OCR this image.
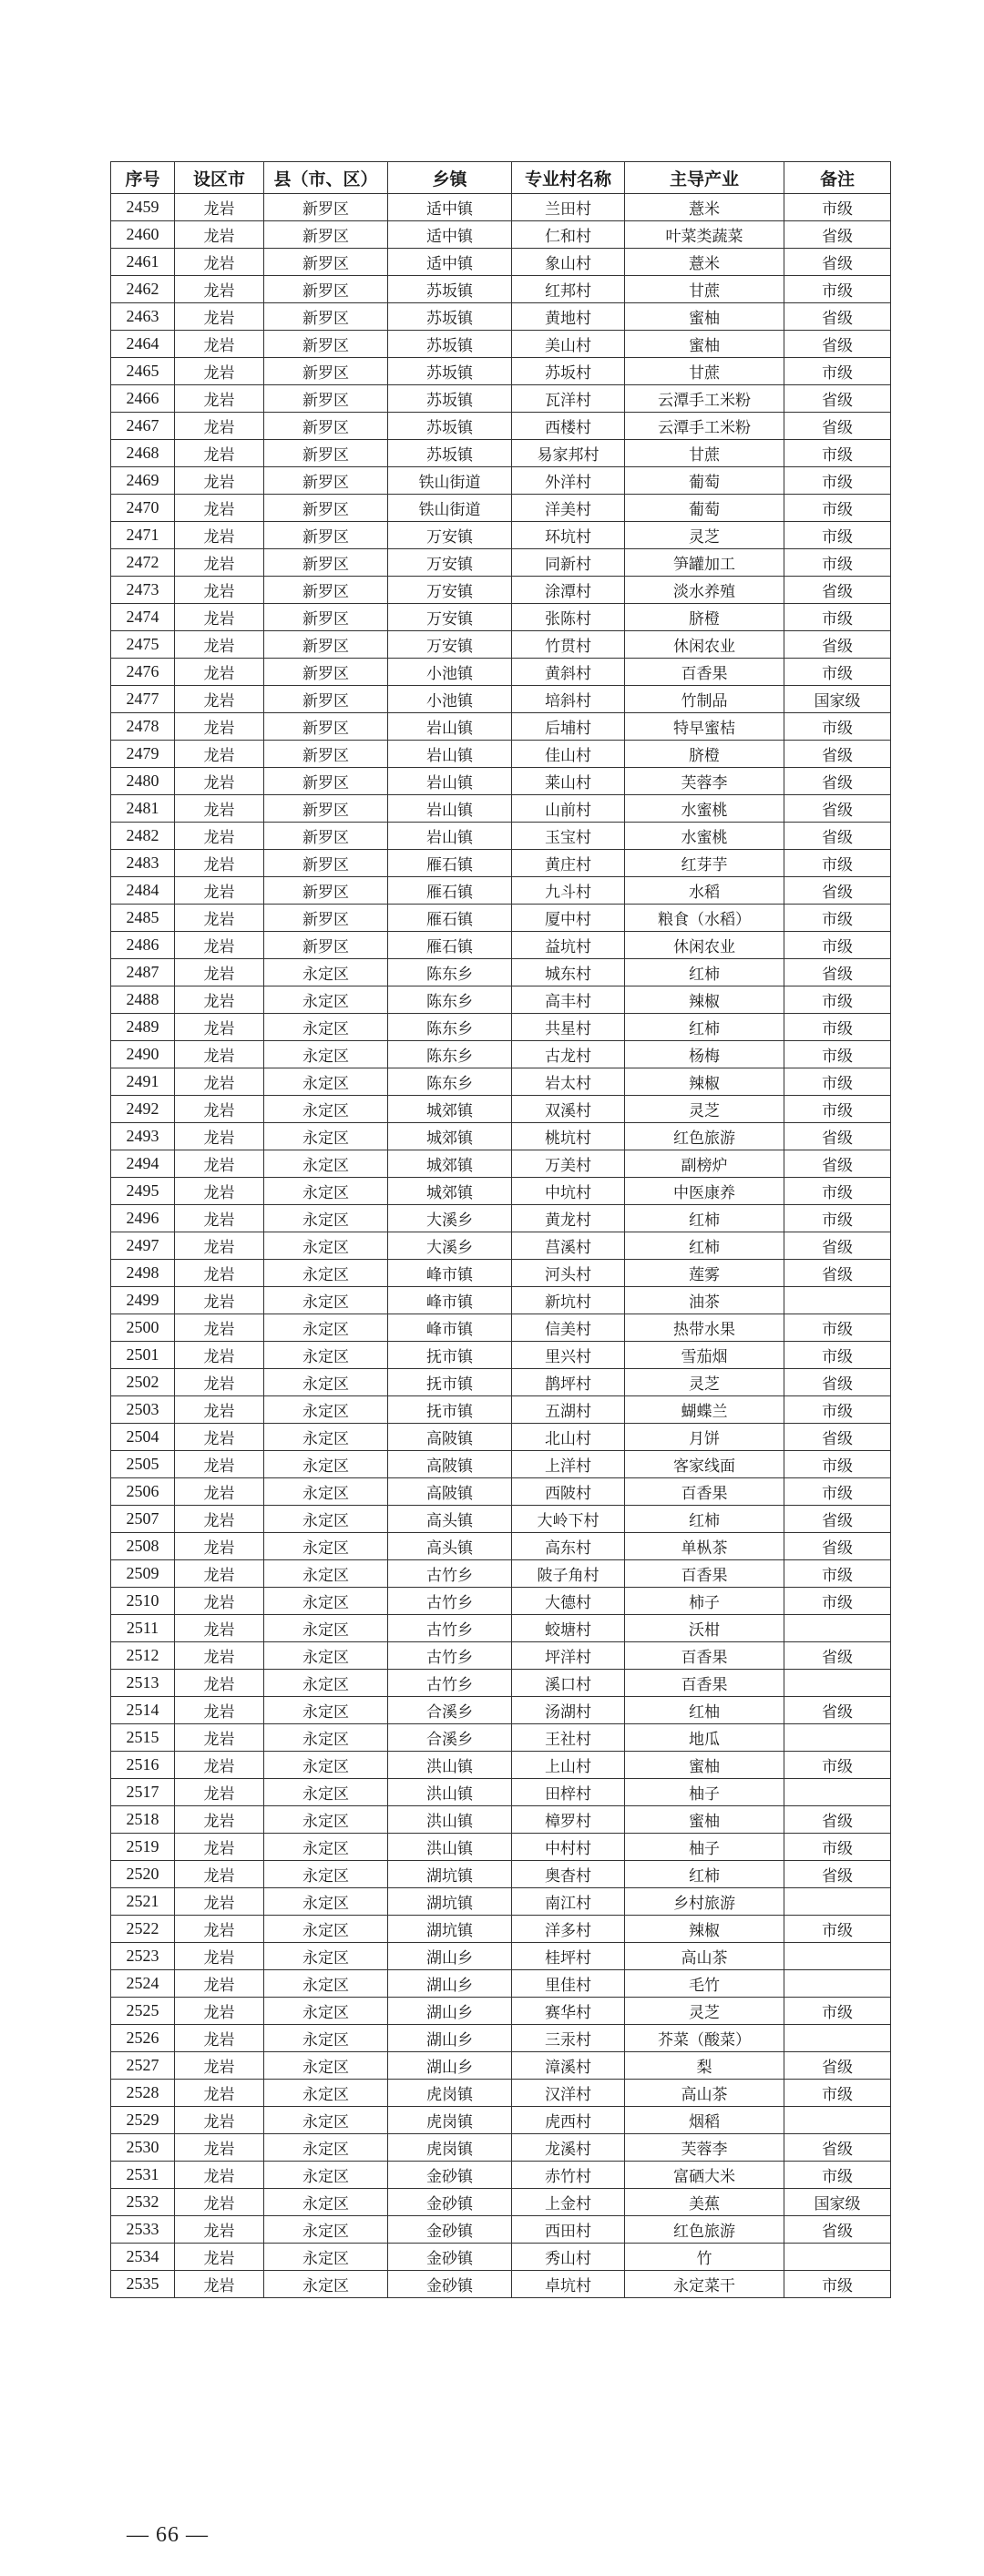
序号	设区市	县（市、区）	乡镇	专业村名称	主导产业	备注
2459	龙岩	新罗区	适中镇	兰田村	薏米	市级
2460	龙岩	新罗区	适中镇	仁和村	叶菜类蔬菜	省级
2461	龙岩	新罗区	适中镇	象山村	薏米	省级
2462	龙岩	新罗区	苏坂镇	红邦村	甘蔗	市级
2463	龙岩	新罗区	苏坂镇	黄地村	蜜柚	省级
2464	龙岩	新罗区	苏坂镇	美山村	蜜柚	省级
2465	龙岩	新罗区	苏坂镇	苏坂村	甘蔗	市级
2466	龙岩	新罗区	苏坂镇	瓦洋村	云潭手工米粉	省级
2467	龙岩	新罗区	苏坂镇	西楼村	云潭手工米粉	省级
2468	龙岩	新罗区	苏坂镇	易家邦村	甘蔗	市级
2469	龙岩	新罗区	铁山街道	外洋村	葡萄	市级
2470	龙岩	新罗区	铁山街道	洋美村	葡萄	市级
2471	龙岩	新罗区	万安镇	环坑村	灵芝	市级
2472	龙岩	新罗区	万安镇	同新村	笋罐加工	市级
2473	龙岩	新罗区	万安镇	涂潭村	淡水养殖	省级
2474	龙岩	新罗区	万安镇	张陈村	脐橙	市级
2475	龙岩	新罗区	万安镇	竹贯村	休闲农业	省级
2476	龙岩	新罗区	小池镇	黄斜村	百香果	市级
2477	龙岩	新罗区	小池镇	培斜村	竹制品	国家级
2478	龙岩	新罗区	岩山镇	后埔村	特早蜜桔	市级
2479	龙岩	新罗区	岩山镇	佳山村	脐橙	省级
2480	龙岩	新罗区	岩山镇	莱山村	芙蓉李	省级
2481	龙岩	新罗区	岩山镇	山前村	水蜜桃	省级
2482	龙岩	新罗区	岩山镇	玉宝村	水蜜桃	省级
2483	龙岩	新罗区	雁石镇	黄庄村	红芽芋	市级
2484	龙岩	新罗区	雁石镇	九斗村	水稻	省级
2485	龙岩	新罗区	雁石镇	厦中村	粮食（水稻）	市级
2486	龙岩	新罗区	雁石镇	益坑村	休闲农业	市级
2487	龙岩	永定区	陈东乡	城东村	红柿	省级
2488	龙岩	永定区	陈东乡	高丰村	辣椒	市级
2489	龙岩	永定区	陈东乡	共星村	红柿	市级
2490	龙岩	永定区	陈东乡	古龙村	杨梅	市级
2491	龙岩	永定区	陈东乡	岩太村	辣椒	市级
2492	龙岩	永定区	城郊镇	双溪村	灵芝	市级
2493	龙岩	永定区	城郊镇	桃坑村	红色旅游	省级
2494	龙岩	永定区	城郊镇	万美村	副榜炉	省级
2495	龙岩	永定区	城郊镇	中坑村	中医康养	市级
2496	龙岩	永定区	大溪乡	黄龙村	红柿	市级
2497	龙岩	永定区	大溪乡	莒溪村	红柿	省级
2498	龙岩	永定区	峰市镇	河头村	莲雾	省级
2499	龙岩	永定区	峰市镇	新坑村	油茶	
2500	龙岩	永定区	峰市镇	信美村	热带水果	市级
2501	龙岩	永定区	抚市镇	里兴村	雪茄烟	市级
2502	龙岩	永定区	抚市镇	鹊坪村	灵芝	省级
2503	龙岩	永定区	抚市镇	五湖村	蝴蝶兰	市级
2504	龙岩	永定区	高陂镇	北山村	月饼	省级
2505	龙岩	永定区	高陂镇	上洋村	客家线面	市级
2506	龙岩	永定区	高陂镇	西陂村	百香果	市级
2507	龙岩	永定区	高头镇	大岭下村	红柿	省级
2508	龙岩	永定区	高头镇	高东村	单枞茶	省级
2509	龙岩	永定区	古竹乡	陂子角村	百香果	市级
2510	龙岩	永定区	古竹乡	大德村	柿子	市级
2511	龙岩	永定区	古竹乡	蛟塘村	沃柑	
2512	龙岩	永定区	古竹乡	坪洋村	百香果	省级
2513	龙岩	永定区	古竹乡	溪口村	百香果	
2514	龙岩	永定区	合溪乡	汤湖村	红柚	省级
2515	龙岩	永定区	合溪乡	王社村	地瓜	
2516	龙岩	永定区	洪山镇	上山村	蜜柚	市级
2517	龙岩	永定区	洪山镇	田梓村	柚子	
2518	龙岩	永定区	洪山镇	樟罗村	蜜柚	省级
2519	龙岩	永定区	洪山镇	中村村	柚子	市级
2520	龙岩	永定区	湖坑镇	奥杳村	红柿	省级
2521	龙岩	永定区	湖坑镇	南江村	乡村旅游	
2522	龙岩	永定区	湖坑镇	洋多村	辣椒	市级
2523	龙岩	永定区	湖山乡	桂坪村	高山茶	
2524	龙岩	永定区	湖山乡	里佳村	毛竹	
2525	龙岩	永定区	湖山乡	赛华村	灵芝	市级
2526	龙岩	永定区	湖山乡	三汞村	芥菜（酸菜）	
2527	龙岩	永定区	湖山乡	漳溪村	梨	省级
2528	龙岩	永定区	虎岗镇	汉洋村	高山茶	市级
2529	龙岩	永定区	虎岗镇	虎西村	烟稻	
2530	龙岩	永定区	虎岗镇	龙溪村	芙蓉李	省级
2531	龙岩	永定区	金砂镇	赤竹村	富硒大米	市级
2532	龙岩	永定区	金砂镇	上金村	美蕉	国家级
2533	龙岩	永定区	金砂镇	西田村	红色旅游	省级
2534	龙岩	永定区	金砂镇	秀山村	竹	
2535	龙岩	永定区	金砂镇	卓坑村	永定菜干	市级
— 66 —
